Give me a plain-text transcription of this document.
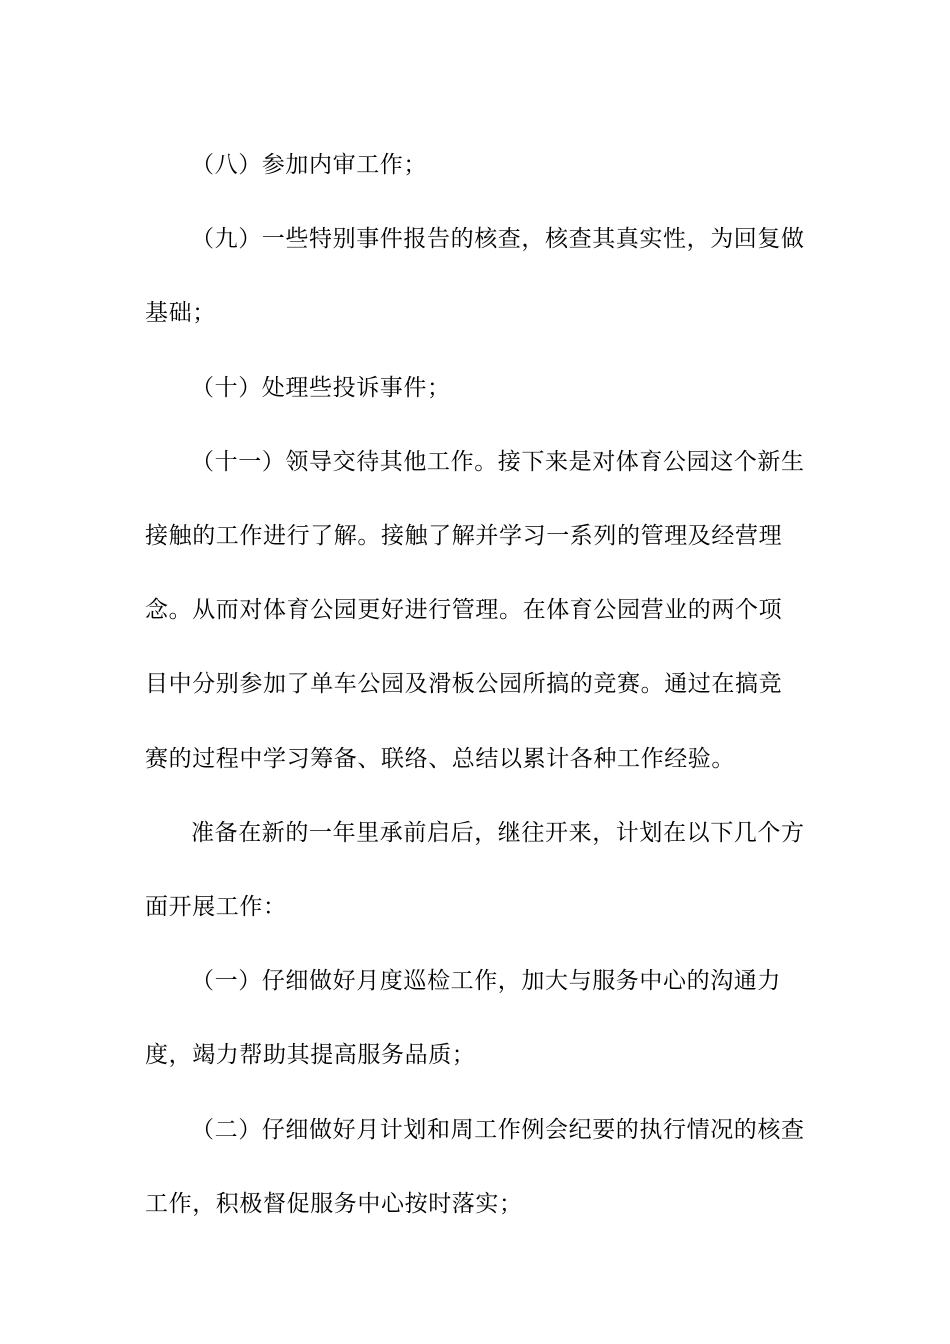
（八）参加内审工作；

（九）一些特别事件报告的核查，核查其真实性，为回复做基础；

（十）处理些投诉事件；

（十一）领导交待其他工作。接下来是对体育公园这个新生接触的工作进行了解。接触了解并学习一系列的管理及经营理念。从而对体育公园更好进行管理。在体育公园营业的两个项目中分别参加了单车公园及滑板公园所搞的竞赛。通过在搞竞赛的过程中学习筹备、联络、总结以累计各种工作经验。

准备在新的一年里承前启后，继往开来，计划在以下几个方面开展工作：

（一）仔细做好月度巡检工作，加大与服务中心的沟通力度，竭力帮助其提高服务品质；

（二）仔细做好月计划和周工作例会纪要的执行情况的核查工作，积极督促服务中心按时落实；
